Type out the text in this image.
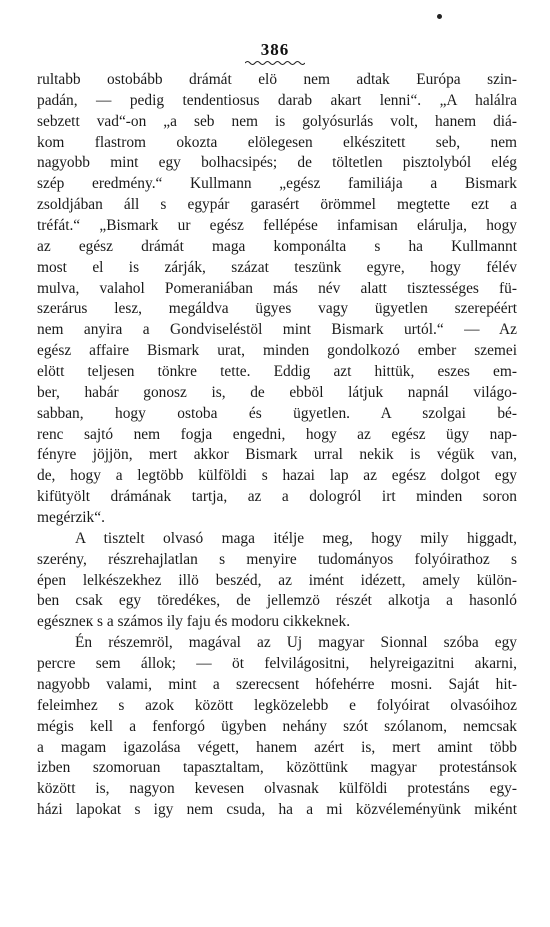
386
rultabb ostobább drámát elö nem adtak Európa szin-
padán, — pedig tendentiosus darab akart lenni“. „A halálra
sebzett vad“-on „a seb nem is golyósurlás volt, hanem diá-
kom flastrom okozta elölegesen elkészitett seb, nem
nagyobb mint egy bolhacsipés; de töltetlen pisztolyból elég
szép eredmény.“ Kullmann „egész familiája a Bismark
zsoldjában áll s egypár garasért örömmel megtette ezt a
tréfát.“ „Bismark ur egész fellépése infamisan elárulja, hogy
az egész drámát maga komponálta s ha Kullmannt
most el is zárják, százat teszünk egyre, hogy félév
mulva, valahol Pomeraniában más név alatt tisztességes fü-
szerárus lesz, megáldva ügyes vagy ügyetlen szerepéért
nem anyira a Gondviseléstöl mint Bismark urtól.“ — Az
egész affaire Bismark urat, minden gondolkozó ember szemei
elött teljesen tönkre tette. Eddig azt hittük, eszes em-
ber, habár gonosz is, de ebböl látjuk napnál világo-
sabban, hogy ostoba és ügyetlen. A szolgai bé-
renc sajtó nem fogja engedni, hogy az egész ügy nap-
fényre jöjjön, mert akkor Bismark urral nekik is végük van,
de, hogy a legtöbb külföldi s hazai lap az egész dolgot egy
kifütyölt drámának tartja, az a dologról irt minden soron
megérzik“.
A tisztelt olvasó maga itélje meg, hogy mily higgadt,
szerény, részrehajlatlan s menyire tudományos folyóirathoz s
épen lelkészekhez illö beszéd, az imént idézett, amely külön-
ben csak egy töredékes, de jellemzö részét alkotja a hasonló
egészneк s a számos ily faju és modoru cikkeknek.
Én részemröl, magával az Uj magyar Sionnal szóba egy
percre sem állok; — öt felvilágositni, helyreigazitni akarni,
nagyobb valami, mint a szerecsent hófehérre mosni. Saját hit-
feleimhez s azok között legközelebb e folyóirat olvasóihoz
mégis kell a fenforgó ügyben nehány szót szólanom, nemcsak
a magam igazolása végett, hanem azért is, mert amint több
izben szomoruan tapasztaltam, közöttünk magyar protestánsok
között is, nagyon kevesen olvasnak külföldi protestáns egy-
házi lapokat s igy nem csuda, ha a mi közvéleményünk miként
